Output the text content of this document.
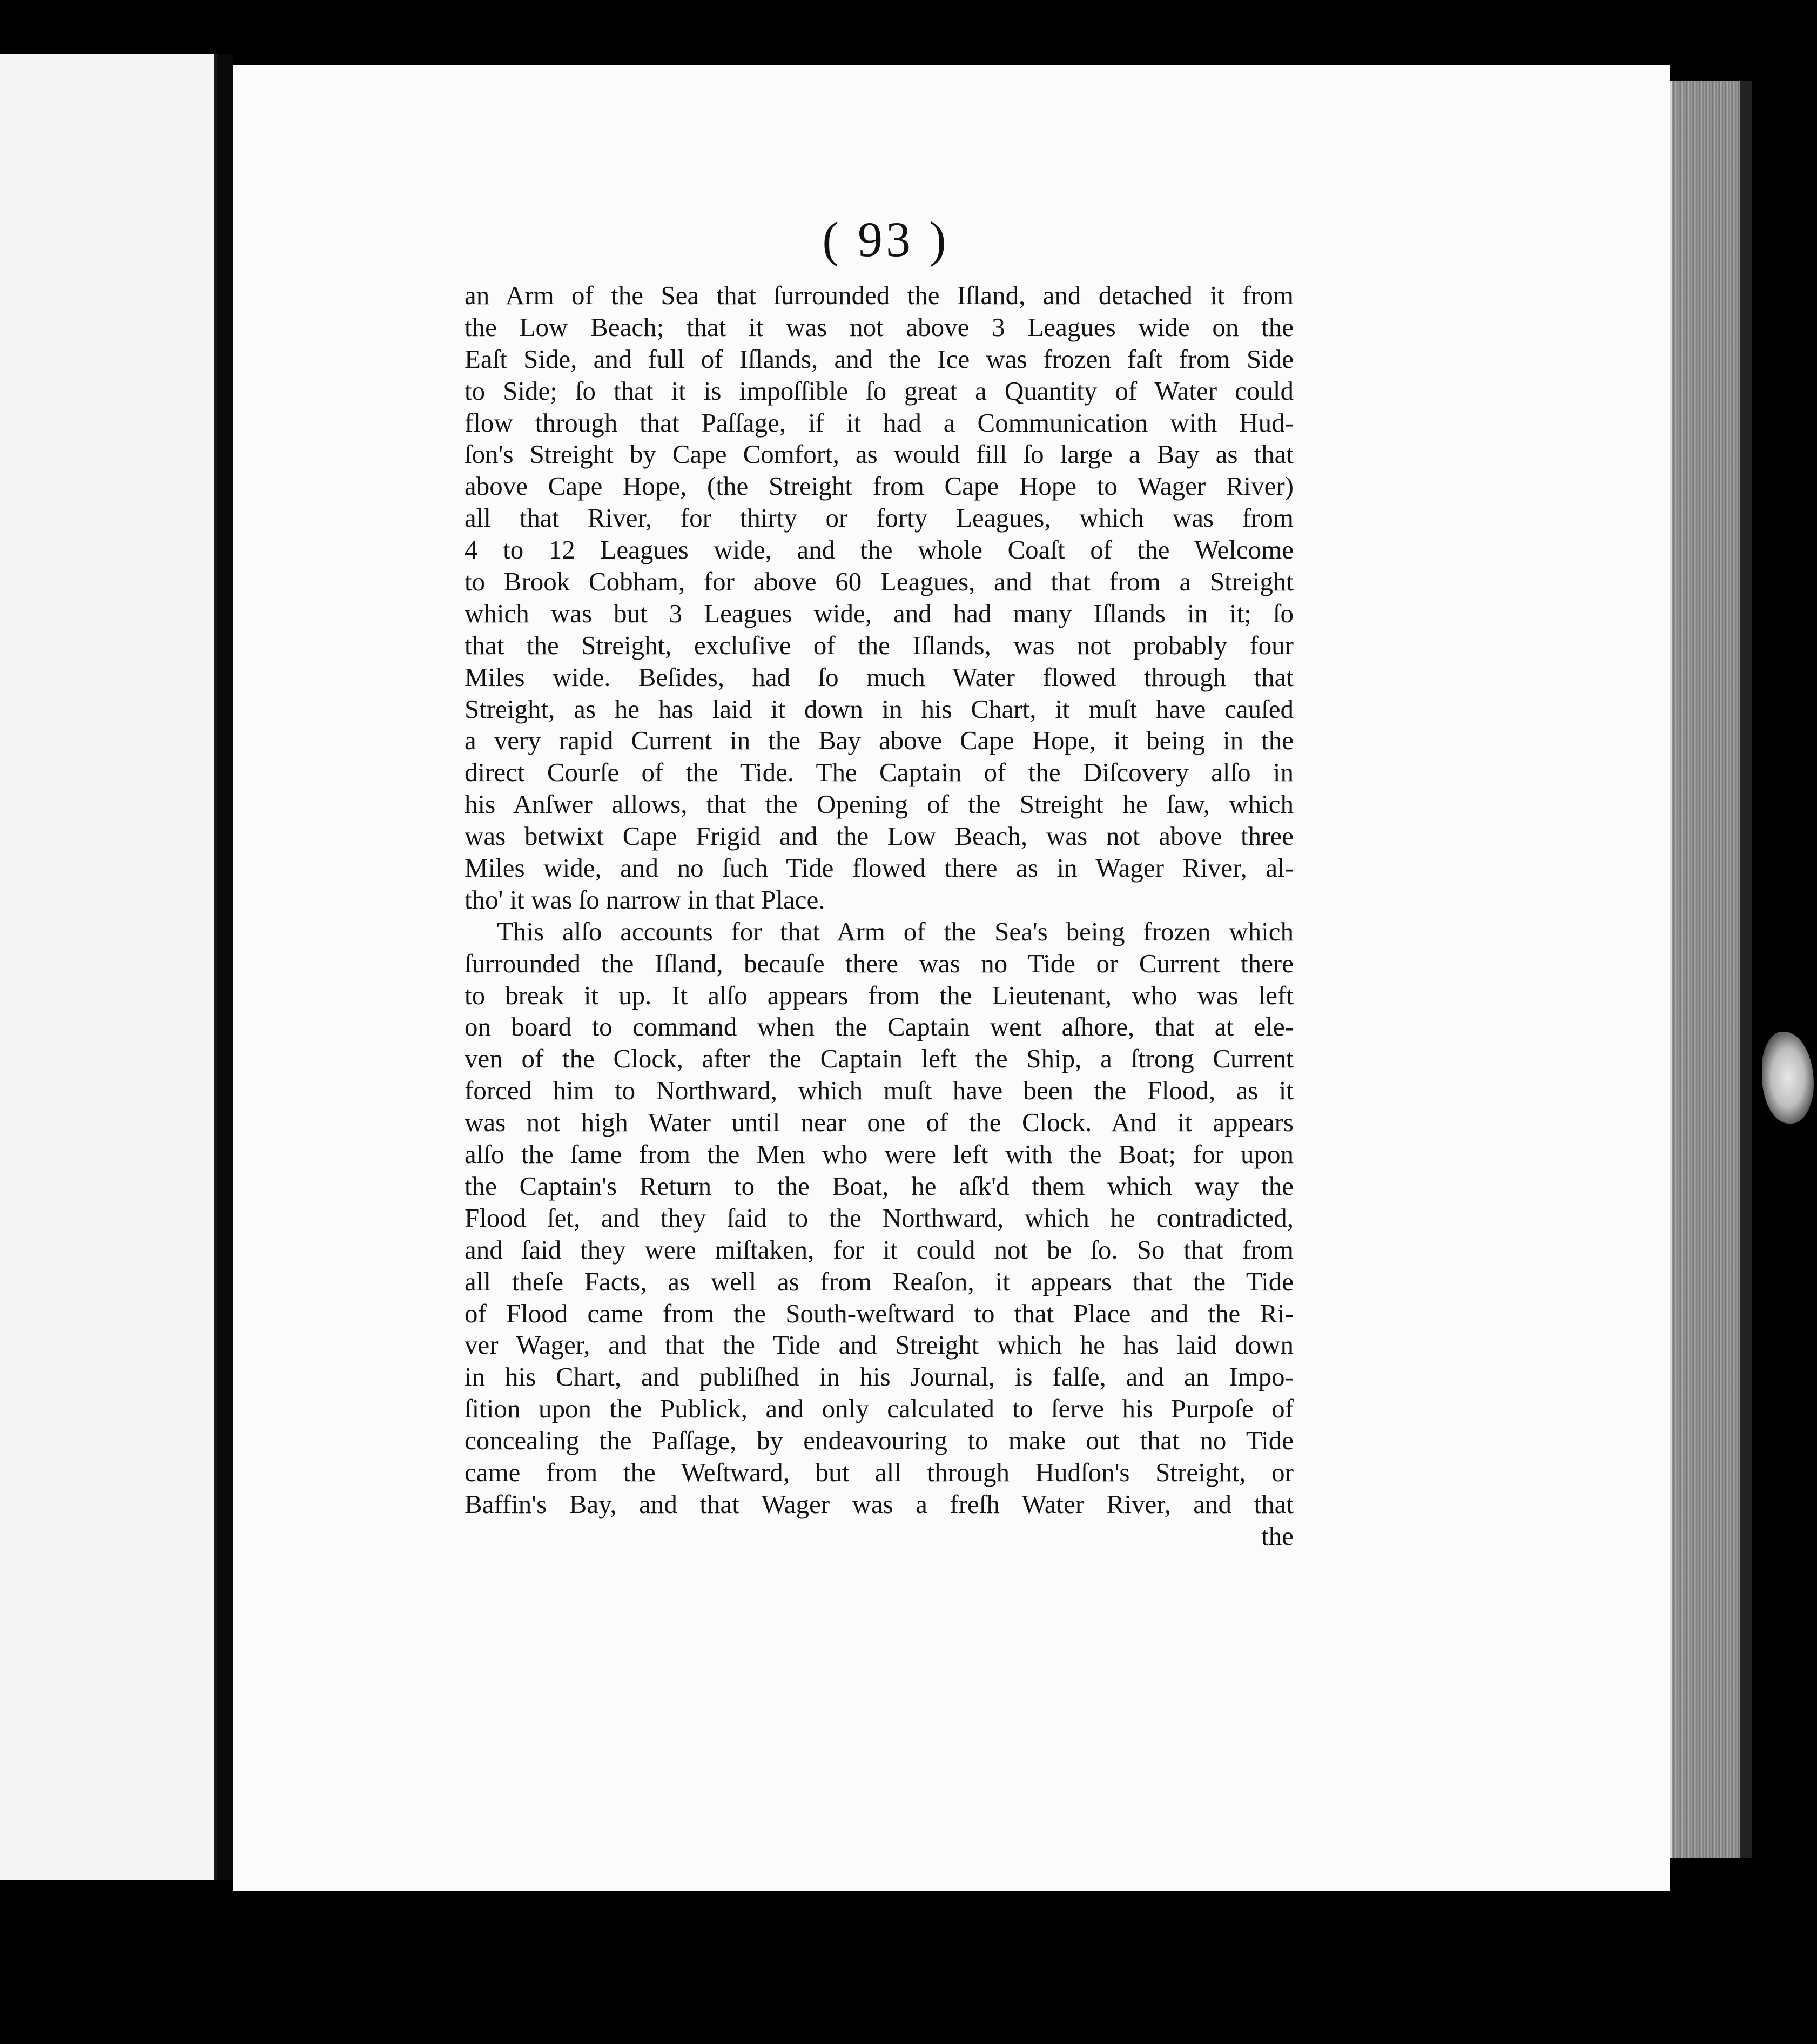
( 93 )
an Arm of the Sea that ſurrounded the Iſland, and detached it from
the Low Beach; that it was not above 3 Leagues wide on the
Eaſt Side, and full of Iſlands, and the Ice was frozen faſt from Side
to Side; ſo that it is impoſſible ſo great a Quantity of Water could
flow through that Paſſage, if it had a Communication with Hud-
ſon's Streight by Cape Comfort, as would fill ſo large a Bay as that
above Cape Hope, (the Streight from Cape Hope to Wager River)
all that River, for thirty or forty Leagues, which was from
4 to 12 Leagues wide, and the whole Coaſt of the Welcome
to Brook Cobham, for above 60 Leagues, and that from a Streight
which was but 3 Leagues wide, and had many Iſlands in it; ſo
that the Streight, excluſive of the Iſlands, was not probably four
Miles wide. Beſides, had ſo much Water flowed through that
Streight, as he has laid it down in his Chart, it muſt have cauſed
a very rapid Current in the Bay above Cape Hope, it being in the
direct Courſe of the Tide. The Captain of the Diſcovery alſo in
his Anſwer allows, that the Opening of the Streight he ſaw, which
was betwixt Cape Frigid and the Low Beach, was not above three
Miles wide, and no ſuch Tide flowed there as in Wager River, al-
tho' it was ſo narrow in that Place.
This alſo accounts for that Arm of the Sea's being frozen which
ſurrounded the Iſland, becauſe there was no Tide or Current there
to break it up. It alſo appears from the Lieutenant, who was left
on board to command when the Captain went aſhore, that at ele-
ven of the Clock, after the Captain left the Ship, a ſtrong Current
forced him to Northward, which muſt have been the Flood, as it
was not high Water until near one of the Clock. And it appears
alſo the ſame from the Men who were left with the Boat; for upon
the Captain's Return to the Boat, he aſk'd them which way the
Flood ſet, and they ſaid to the Northward, which he contradicted,
and ſaid they were miſtaken, for it could not be ſo. So that from
all theſe Facts, as well as from Reaſon, it appears that the Tide
of Flood came from the South-weſtward to that Place and the Ri-
ver Wager, and that the Tide and Streight which he has laid down
in his Chart, and publiſhed in his Journal, is falſe, and an Impo-
ſition upon the Publick, and only calculated to ſerve his Purpoſe of
concealing the Paſſage, by endeavouring to make out that no Tide
came from the Weſtward, but all through Hudſon's Streight, or
Baffin's Bay, and that Wager was a freſh Water River, and that
the
